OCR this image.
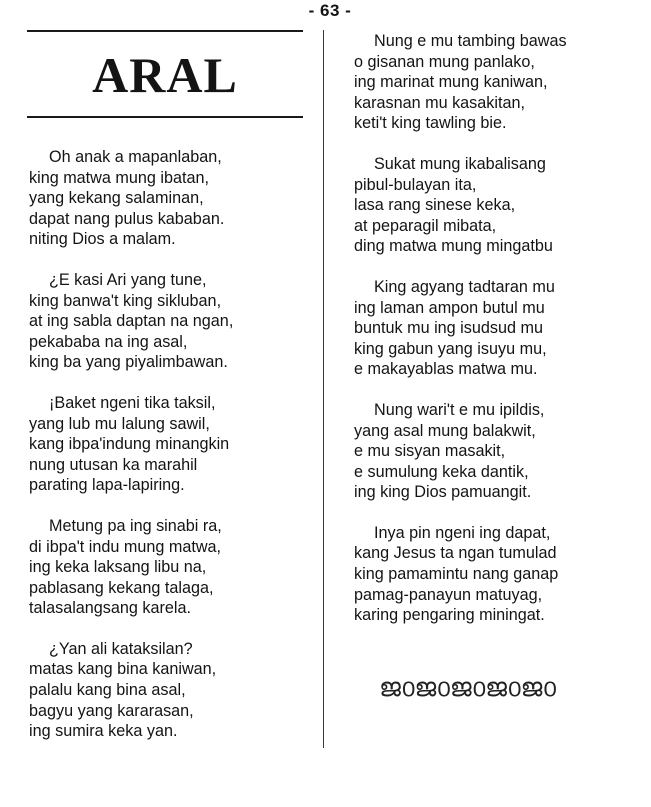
- 63 -
ARAL
Oh anak a mapanlaban,
king matwa mung ibatan,
yang kekang salaminan,
dapat nang pulus kababan.
niting Dios a malam.
¿E kasi Ari yang tune,
king banwa't king sikluban,
at ing sabla daptan na ngan,
pekababa na ing asal,
king ba yang piyalimbawan.
¡Baket ngeni tika taksil,
yang lub mu lalung sawil,
kang ibpa'indung minangkin
nung utusan ka marahil
parating lapa-lapiring.
Metung pa ing sinabi ra,
di ibpa't indu mung matwa,
ing keka laksang libu na,
pablasang kekang talaga,
talasalangsang karela.
¿Yan ali kataksilan?
matas kang bina kaniwan,
palalu kang bina asal,
bagyu yang kararasan,
ing sumira keka yan.
Nung e mu tambing bawas
o gisanan mung panlako,
ing marinat mung kaniwan,
karasnan mu kasakitan,
keti't king tawling bie.
Sukat mung ikabalisang
pibul-bulayan ita,
lasa rang sinese keka,
at peparagil mibata,
ding matwa mung mingatbu
King agyang tadtaran mu
ing laman ampon butul mu
buntuk mu ing isudsud mu
king gabun yang isuyu mu,
e makayablas matwa mu.
Nung wari't e mu ipildis,
yang asal mung balakwit,
e mu sisyan masakit,
e sumulung keka dantik,
ing king Dios pamuangit.
Inya pin ngeni ing dapat,
kang Jesus ta ngan tumulad
king pamamintu nang ganap
pamag-panayun matuyag,
karing pengaring miningat.
ജ൦ജ൦ജ൦ജ൦ജ൦
